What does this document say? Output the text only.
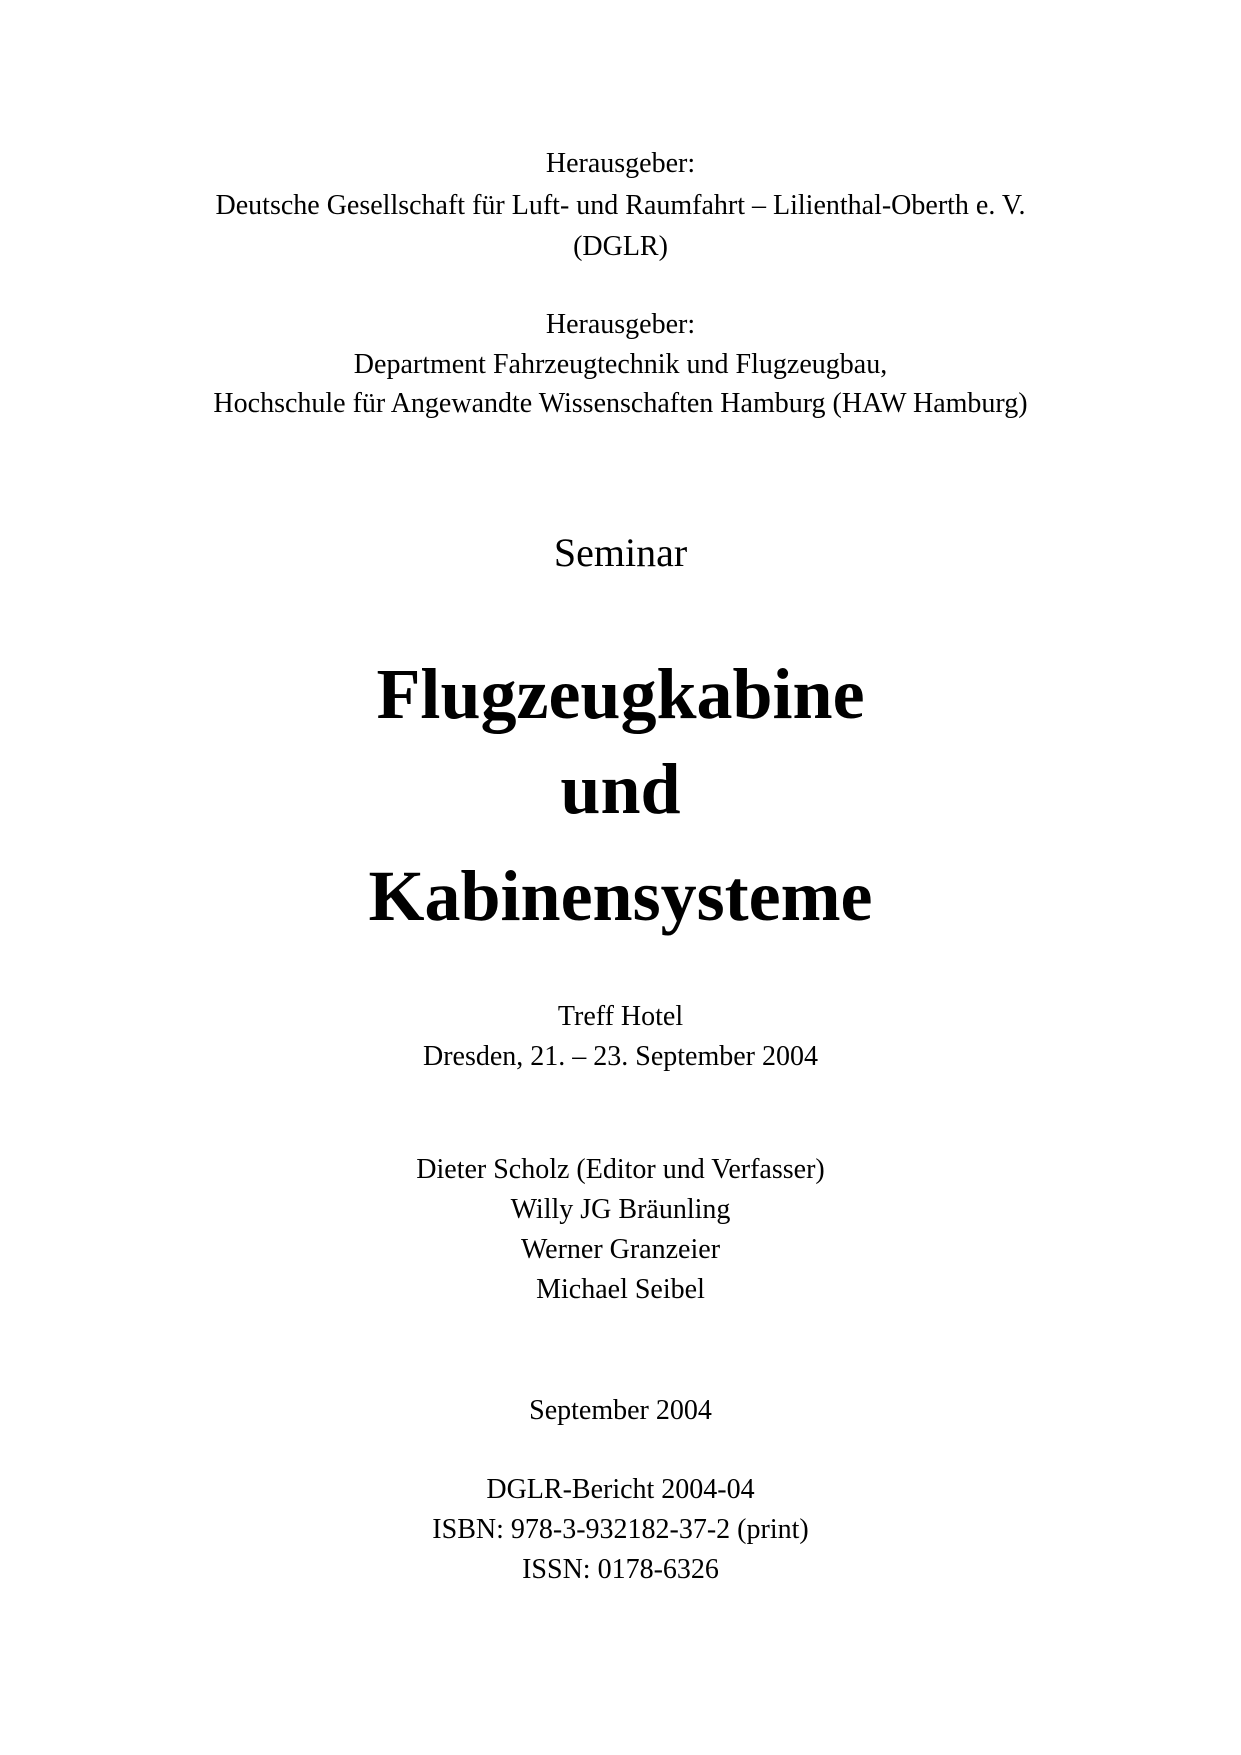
Herausgeber:
Deutsche Gesellschaft für Luft- und Raumfahrt – Lilienthal-Oberth e. V.
(DGLR)
Herausgeber:
Department Fahrzeugtechnik und Flugzeugbau,
Hochschule für Angewandte Wissenschaften Hamburg (HAW Hamburg)
Seminar
Flugzeugkabine
und
Kabinensysteme
Treff Hotel
Dresden, 21. – 23. September 2004
Dieter Scholz (Editor und Verfasser)
Willy JG Bräunling
Werner Granzeier
Michael Seibel
September 2004
DGLR-Bericht 2004-04
ISBN: 978-3-932182-37-2 (print)
ISSN: 0178-6326
